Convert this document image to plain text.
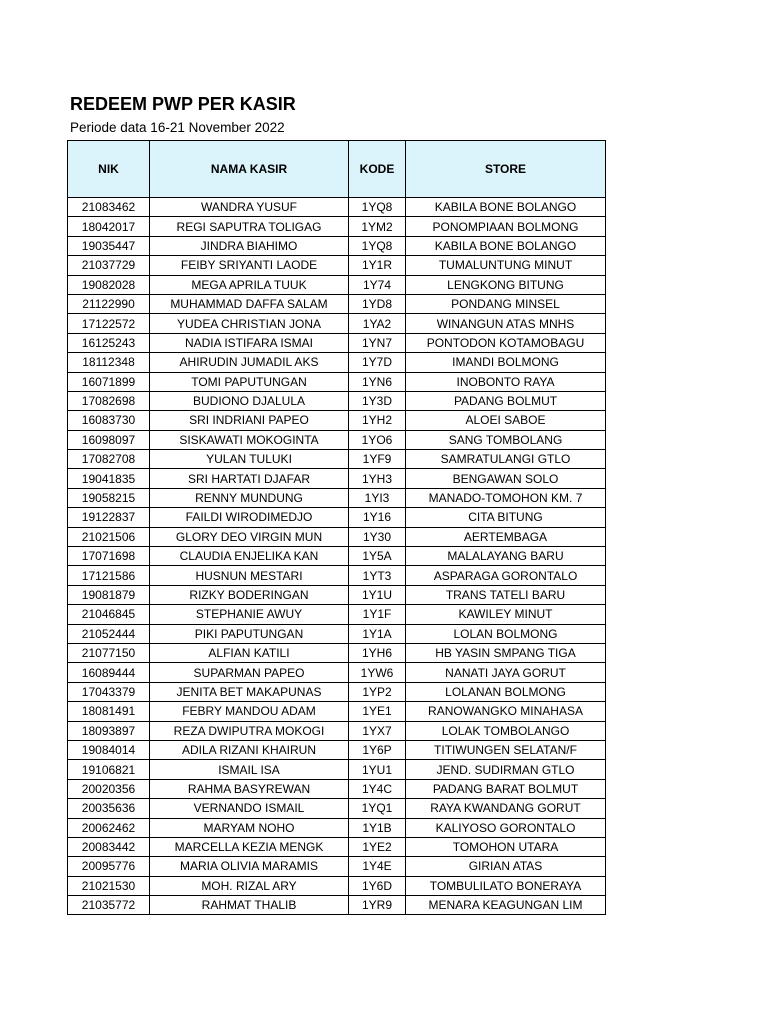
REDEEM PWP PER KASIR
Periode data 16-21 November 2022
NIK	NAMA KASIR	KODE	STORE
21083462	WANDRA YUSUF	1YQ8	KABILA BONE BOLANGO
18042017	REGI SAPUTRA TOLIGAG	1YM2	PONOMPIAAN BOLMONG
19035447	JINDRA BIAHIMO	1YQ8	KABILA BONE BOLANGO
21037729	FEIBY SRIYANTI LAODE	1Y1R	TUMALUNTUNG MINUT
19082028	MEGA APRILA TUUK	1Y74	LENGKONG BITUNG
21122990	MUHAMMAD DAFFA SALAM	1YD8	PONDANG MINSEL
17122572	YUDEA CHRISTIAN JONA	1YA2	WINANGUN ATAS MNHS
16125243	NADIA ISTIFARA ISMAI	1YN7	PONTODON KOTAMOBAGU
18112348	AHIRUDIN JUMADIL AKS	1Y7D	IMANDI BOLMONG
16071899	TOMI PAPUTUNGAN	1YN6	INOBONTO RAYA
17082698	BUDIONO DJALULA	1Y3D	PADANG BOLMUT
16083730	SRI INDRIANI PAPEO	1YH2	ALOEI SABOE
16098097	SISKAWATI MOKOGINTA	1YO6	SANG TOMBOLANG
17082708	YULAN TULUKI	1YF9	SAMRATULANGI GTLO
19041835	SRI HARTATI DJAFAR	1YH3	BENGAWAN SOLO
19058215	RENNY MUNDUNG	1YI3	MANADO-TOMOHON KM. 7
19122837	FAILDI WIRODIMEDJO	1Y16	CITA BITUNG
21021506	GLORY DEO VIRGIN MUN	1Y30	AERTEMBAGA
17071698	CLAUDIA ENJELIKA KAN	1Y5A	MALALAYANG BARU
17121586	HUSNUN MESTARI	1YT3	ASPARAGA GORONTALO
19081879	RIZKY BODERINGAN	1Y1U	TRANS TATELI BARU
21046845	STEPHANIE AWUY	1Y1F	KAWILEY MINUT
21052444	PIKI PAPUTUNGAN	1Y1A	LOLAN BOLMONG
21077150	ALFIAN KATILI	1YH6	HB YASIN SMPANG TIGA
16089444	SUPARMAN PAPEO	1YW6	NANATI JAYA GORUT
17043379	JENITA BET MAKAPUNAS	1YP2	LOLANAN BOLMONG
18081491	FEBRY MANDOU ADAM	1YE1	RANOWANGKO MINAHASA
18093897	REZA DWIPUTRA MOKOGI	1YX7	LOLAK TOMBOLANGO
19084014	ADILA RIZANI KHAIRUN	1Y6P	TITIWUNGEN SELATAN/F
19106821	ISMAIL ISA	1YU1	JEND. SUDIRMAN GTLO
20020356	RAHMA BASYREWAN	1Y4C	PADANG BARAT BOLMUT
20035636	VERNANDO ISMAIL	1YQ1	RAYA KWANDANG GORUT
20062462	MARYAM NOHO	1Y1B	KALIYOSO GORONTALO
20083442	MARCELLA KEZIA MENGK	1YE2	TOMOHON UTARA
20095776	MARIA OLIVIA MARAMIS	1Y4E	GIRIAN ATAS
21021530	MOH. RIZAL ARY	1Y6D	TOMBULILATO BONERAYA
21035772	RAHMAT THALIB	1YR9	MENARA KEAGUNGAN LIM
